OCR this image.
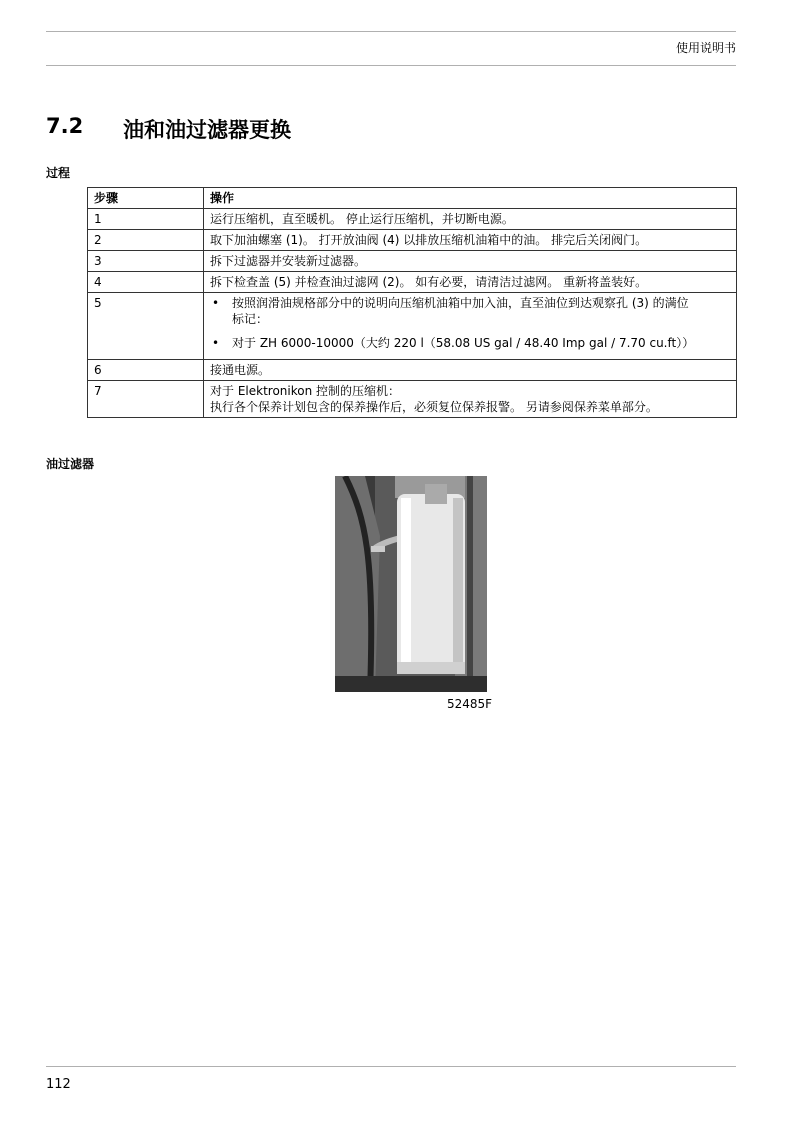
使用说明书
7.2 油和油过滤器更换
过程
步骤	操作
1	运行压缩机，直至暖机。 停止运行压缩机，并切断电源。
2	取下加油螺塞 (1)。 打开放油阀 (4) 以排放压缩机油箱中的油。 排完后关闭阀门。
3	拆下过滤器并安装新过滤器。
4	拆下检查盖 (5) 并检查油过滤网 (2)。 如有必要，请清洁过滤网。 重新将盖装好。
5	• 按照润滑油规格部分中的说明向压缩机油箱中加入油，直至油位到达观察孔 (3) 的满位标记：
• 对于 ZH 6000-10000（大约 220 l（58.08 US gal / 48.40 Imp gal / 7.70 cu.ft））

6	接通电源。
7	对于 Elektronikon 控制的压缩机：
执行各个保养计划包含的保养操作后，必须复位保养报警。 另请参阅保养菜单部分。
油过滤器
52485F
112
